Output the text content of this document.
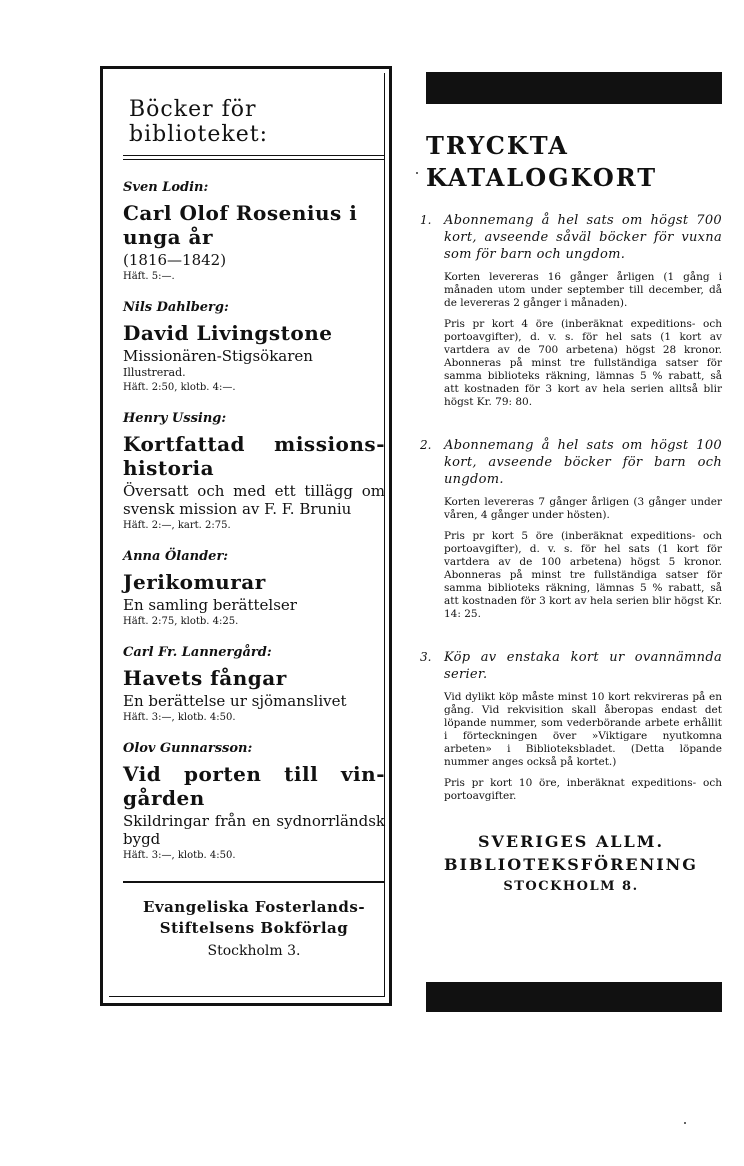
Böcker för biblioteket:
Sven Lodin:
Carl Olof Rosenius i unga år
(1816—1842)
Häft. 5:—.
Nils Dahlberg:
David Livingstone
Missionären-Stigsökaren
Illustrerad.
Häft. 2:50, klotb. 4:—.
Henry Ussing:
Kortfattad missions-historia
Översatt och med ett tillägg om svensk mission av F. F. Bruniu
Häft. 2:—, kart. 2:75.
Anna Ölander:
Jerikomurar
En samling berättelser
Häft. 2:75, klotb. 4:25.
Carl Fr. Lannergård:
Havets fångar
En berättelse ur sjömanslivet
Häft. 3:—, klotb. 4:50.
Olov Gunnarsson:
Vid porten till vin-gården
Skildringar från en sydnorrländsk bygd
Häft. 3:—, klotb. 4:50.
Evangeliska Fosterlands-Stiftelsens Bokförlag
Stockholm 3.
TRYCKTA
KATALOGKORT
1. Abonnemang å hel sats om högst 700 kort, avseende såväl böcker för vuxna som för barn och ungdom.
Korten levereras 16 gånger årligen (1 gång i månaden utom under september till december, då de levereras 2 gånger i månaden).
Pris pr kort 4 öre (inberäknat expeditions- och portoavgifter), d. v. s. för hel sats (1 kort av vartdera av de 700 arbetena) högst 28 kronor. Abonneras på minst tre fullständiga satser för samma biblioteks räkning, lämnas 5 % rabatt, så att kostnaden för 3 kort av hela serien alltså blir högst Kr. 79: 80.
2. Abonnemang å hel sats om högst 100 kort, avseende böcker för barn och ungdom.
Korten levereras 7 gånger årligen (3 gånger under våren, 4 gånger under hösten).
Pris pr kort 5 öre (inberäknat expeditions- och portoavgifter), d. v. s. för hel sats (1 kort för vartdera av de 100 arbetena) högst 5 kronor. Abonneras på minst tre fullständiga satser för samma biblioteks räkning, lämnas 5 % rabatt, så att kostnaden för 3 kort av hela serien blir högst Kr. 14: 25.
3. Köp av enstaka kort ur ovannämnda serier.
Vid dylikt köp måste minst 10 kort rekvireras på en gång. Vid rekvisition skall åberopas endast det löpande nummer, som vederbörande arbete erhållit i förteckningen över »Viktigare nyutkomna arbeten» i Biblioteksbladet. (Detta löpande nummer anges också på kortet.)
Pris pr kort 10 öre, inberäknat expeditions- och portoavgifter.
SVERIGES ALLM.
BIBLIOTEKSFÖRENING
STOCKHOLM 8.
